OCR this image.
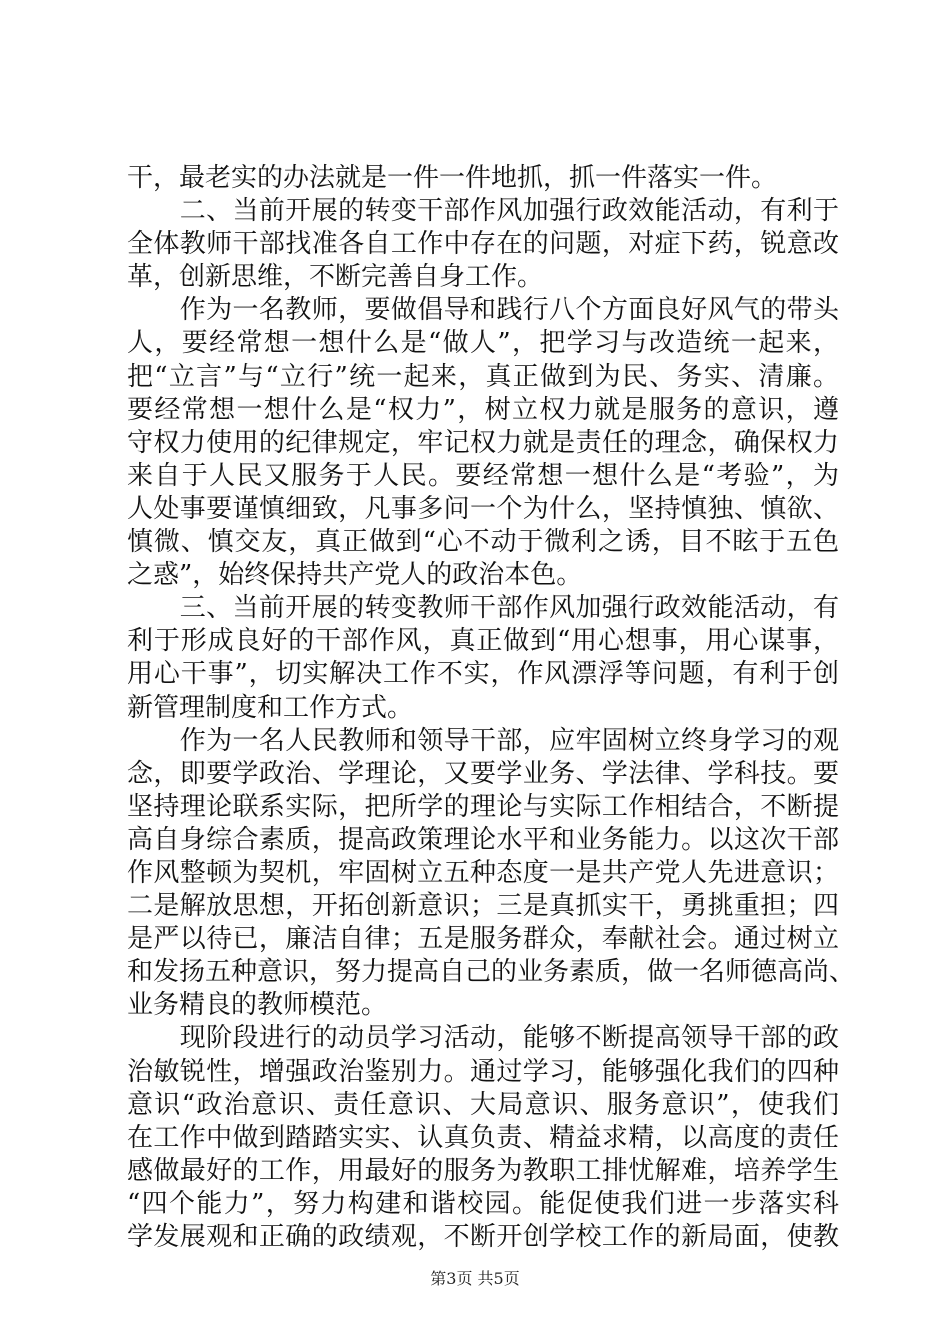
干，最老实的办法就是一件一件地抓，抓一件落实一件。
　　二、当前开展的转变干部作风加强行政效能活动，有利于
全体教师干部找准各自工作中存在的问题，对症下药，锐意改
革，创新思维，不断完善自身工作。
　　作为一名教师，要做倡导和践行八个方面良好风气的带头
人，要经常想一想什么是“做人”，把学习与改造统一起来，
把“立言”与“立行”统一起来，真正做到为民、务实、清廉。
要经常想一想什么是“权力”，树立权力就是服务的意识，遵
守权力使用的纪律规定，牢记权力就是责任的理念，确保权力
来自于人民又服务于人民。要经常想一想什么是“考验”，为
人处事要谨慎细致，凡事多问一个为什么，坚持慎独、慎欲、
慎微、慎交友，真正做到“心不动于微利之诱，目不眩于五色
之惑”，始终保持共产党人的政治本色。
　　三、当前开展的转变教师干部作风加强行政效能活动，有
利于形成良好的干部作风，真正做到“用心想事，用心谋事，
用心干事”，切实解决工作不实，作风漂浮等问题，有利于创
新管理制度和工作方式。
　　作为一名人民教师和领导干部，应牢固树立终身学习的观
念，即要学政治、学理论，又要学业务、学法律、学科技。要
坚持理论联系实际，把所学的理论与实际工作相结合，不断提
高自身综合素质，提高政策理论水平和业务能力。以这次干部
作风整顿为契机，牢固树立五种态度一是共产党人先进意识；
二是解放思想，开拓创新意识；三是真抓实干，勇挑重担；四
是严以待已，廉洁自律；五是服务群众，奉献社会。通过树立
和发扬五种意识，努力提高自己的业务素质，做一名师德高尚、
业务精良的教师模范。
　　现阶段进行的动员学习活动，能够不断提高领导干部的政
治敏锐性，增强政治鉴别力。通过学习，能够强化我们的四种
意识“政治意识、责任意识、大局意识、服务意识”，使我们
在工作中做到踏踏实实、认真负责、精益求精，以高度的责任
感做最好的工作，用最好的服务为教职工排忧解难，培养学生
“四个能力”，努力构建和谐校园。能促使我们进一步落实科
学发展观和正确的政绩观，不断开创学校工作的新局面，使教
第3页 共5页
